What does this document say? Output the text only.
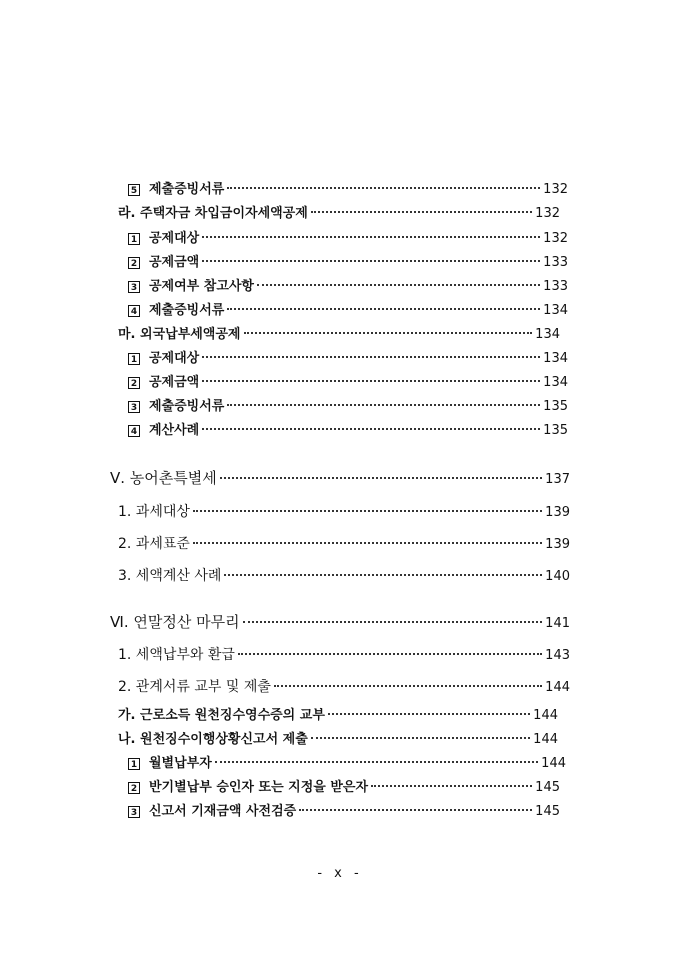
5 제출증빙서류	132
라. 주택자금 차입금이자세액공제	132
1 공제대상	132
2 공제금액	133
3 공제여부 참고사항	133
4 제출증빙서류	134
마. 외국납부세액공제	134
1 공제대상	134
2 공제금액	134
3 제출증빙서류	135
4 계산사례	135
Ⅴ. 농어촌특별세	137
1. 과세대상	139
2. 과세표준	139
3. 세액계산 사례	140
Ⅵ. 연말정산 마무리	141
1. 세액납부와 환급	143
2. 관계서류 교부 및 제출	144
가. 근로소득 원천징수영수증의 교부	144
나. 원천징수이행상황신고서 제출	144
1 월별납부자	144
2 반기별납부 승인자 또는 지정을 받은자	145
3 신고서 기재금액 사전검증	145
- x -
